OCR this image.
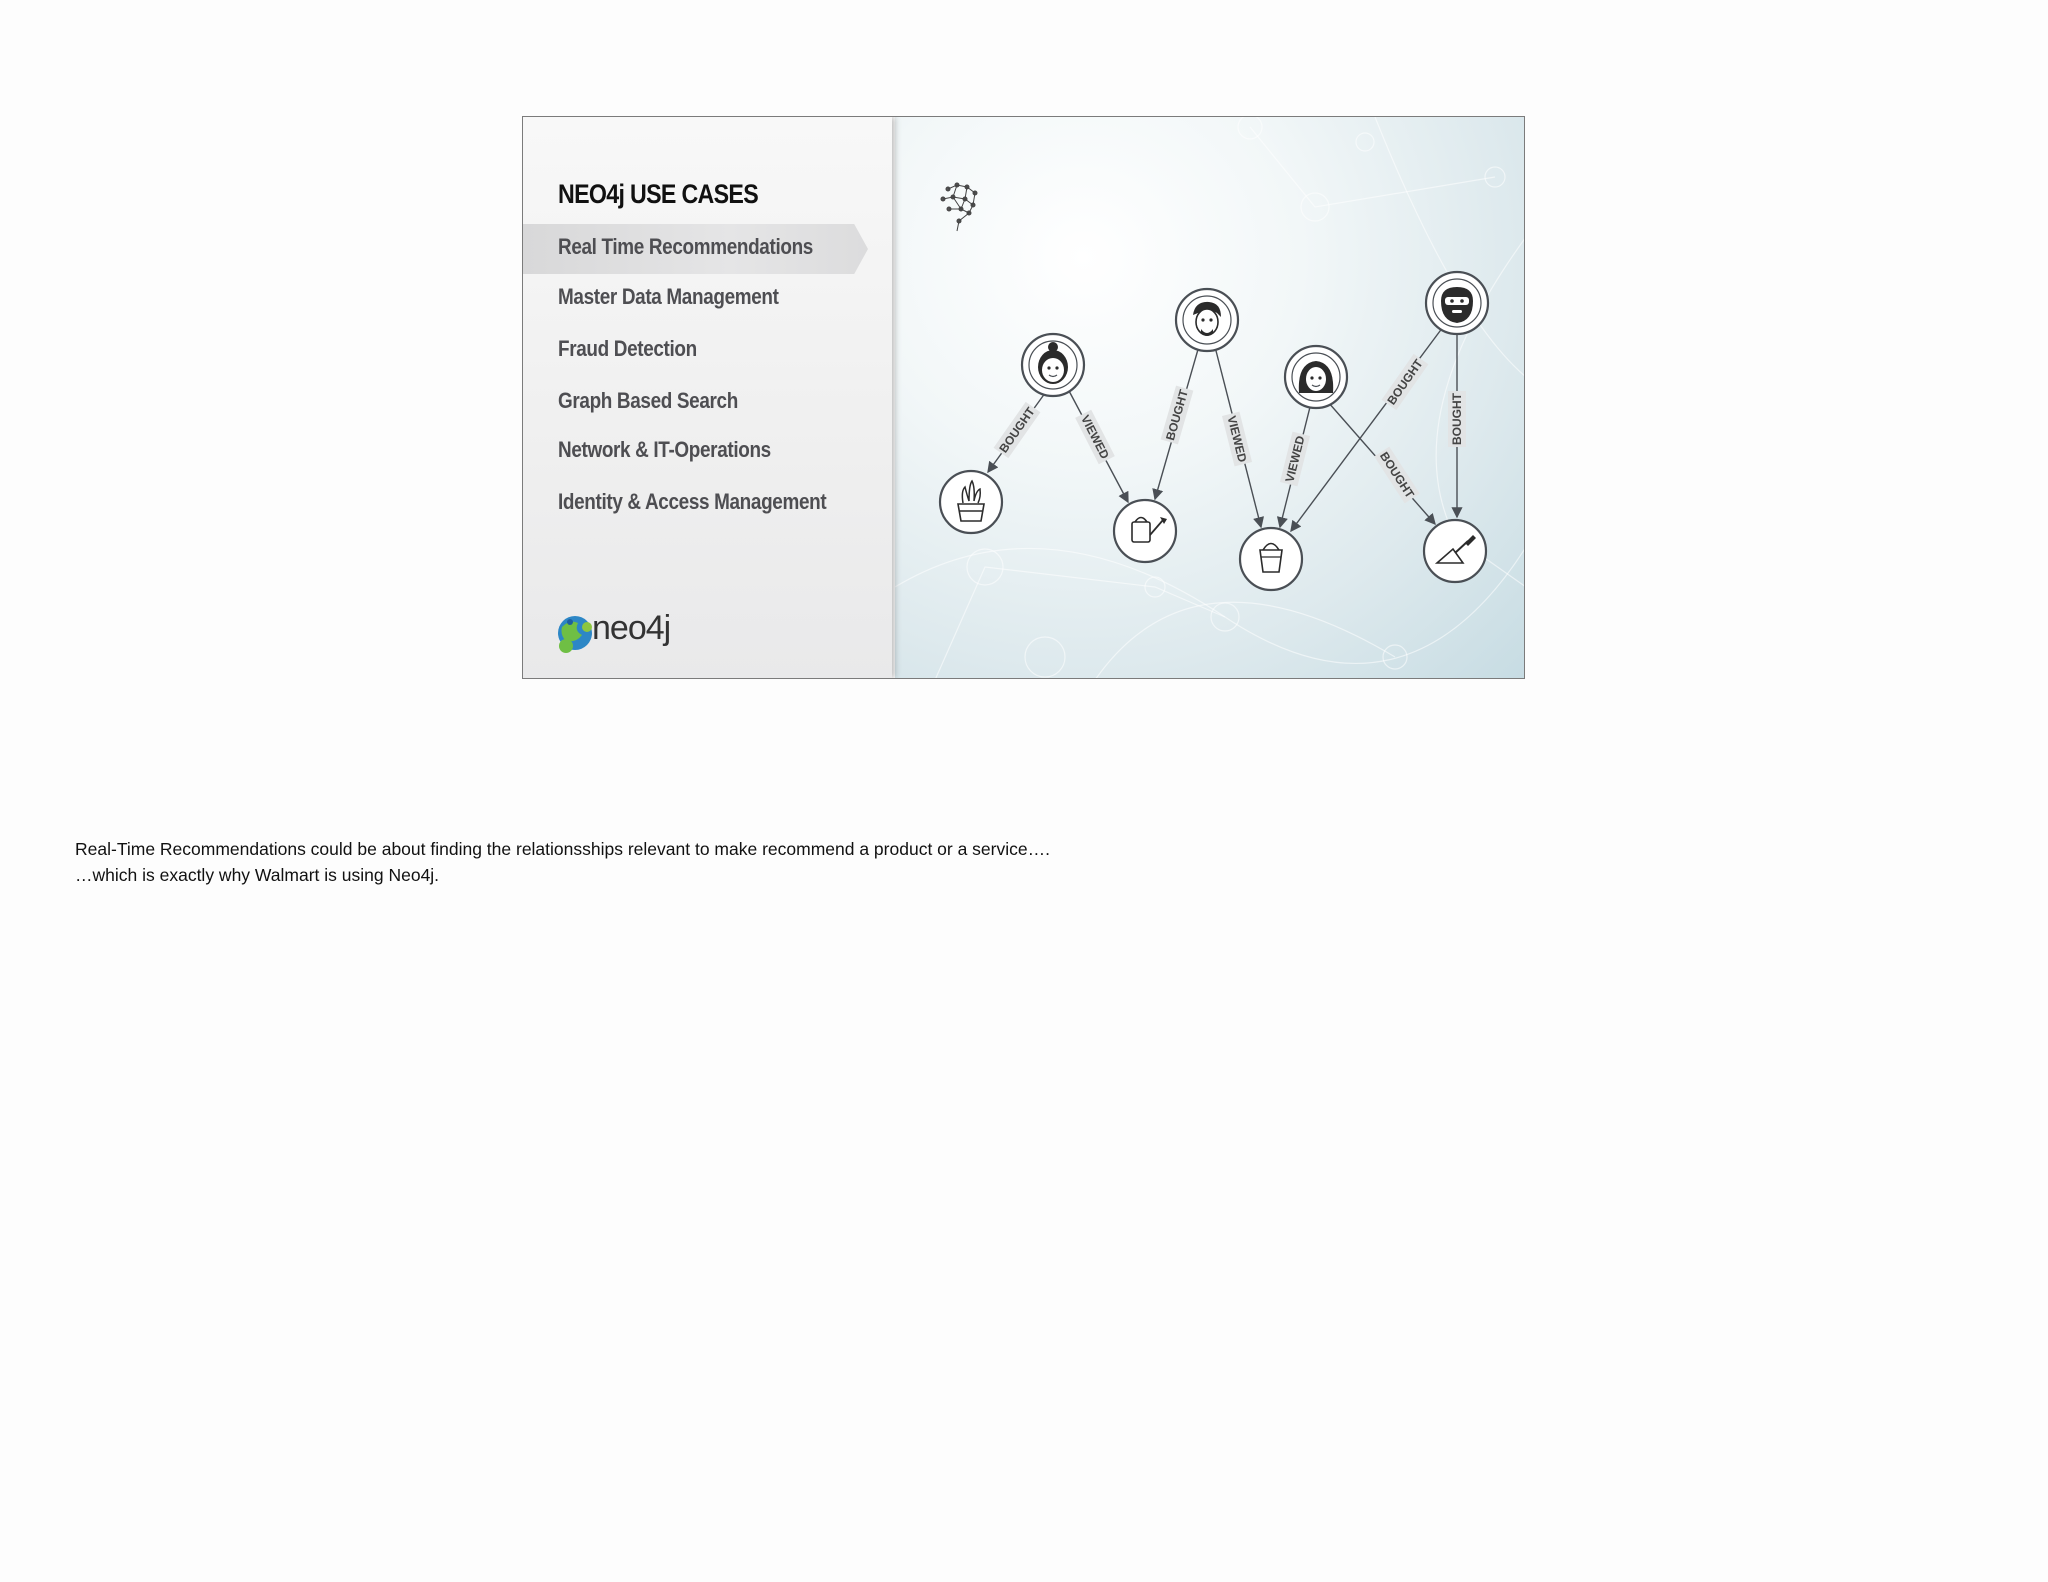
NEO4j USE CASES
Real Time Recommendations
Master Data Management
Fraud Detection
Graph Based Search
Network & IT-Operations
Identity & Access Management
neo4j
BOUGHT	VIEWED	BOUGHT	VIEWED	VIEWED	BOUGHT
BOUGHT
BOUGHT
Real-Time Recommendations could be about finding the relationsships relevant to make recommend a product or a service….
…which is exactly why Walmart is using Neo4j.
